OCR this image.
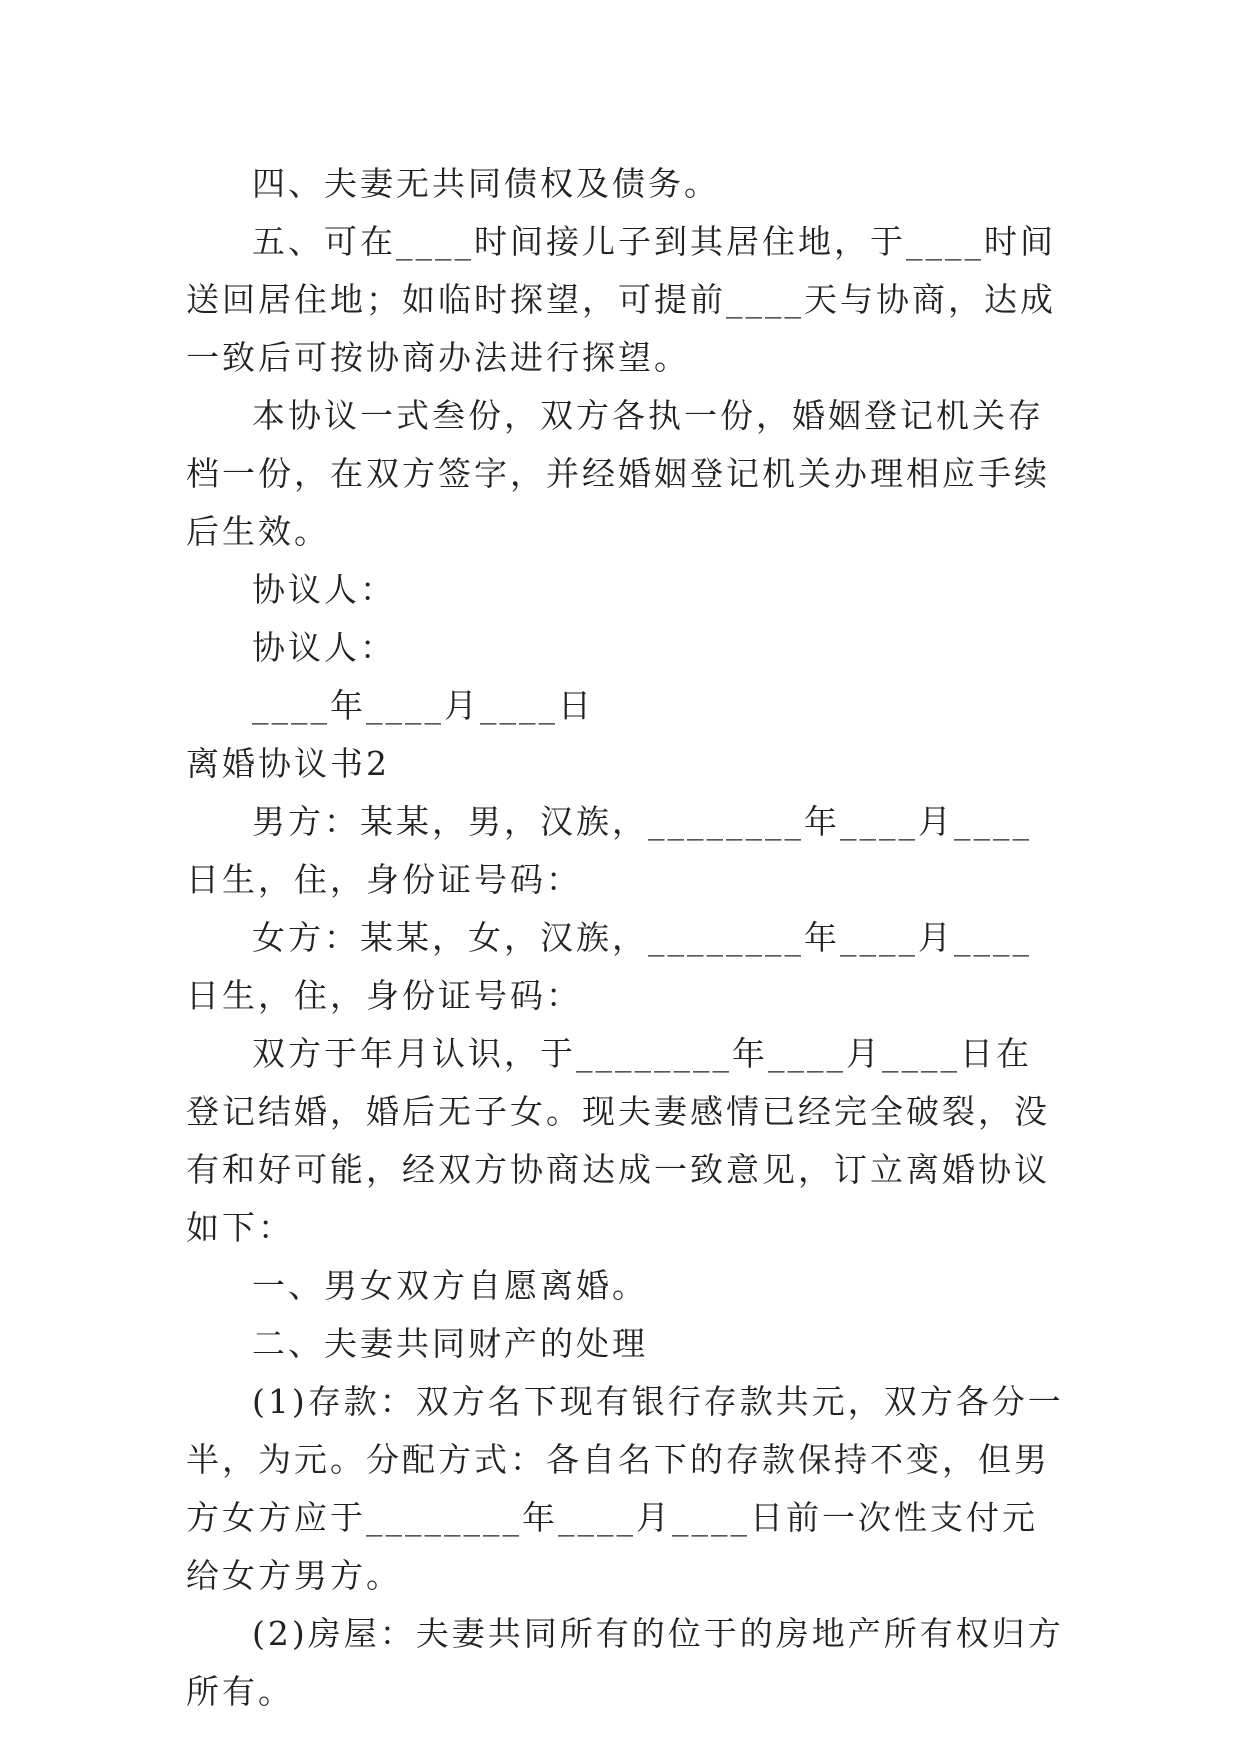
四、夫妻无共同债权及债务。

五、可在____时间接儿子到其居住地，于____时间送回居住地；如临时探望，可提前____天与协商，达成一致后可按协商办法进行探望。

本协议一式叁份，双方各执一份，婚姻登记机关存档一份，在双方签字，并经婚姻登记机关办理相应手续后生效。

协议人：

协议人：

____年____月____日

离婚协议书2

男方：某某，男，汉族，________年____月____日生，住，身份证号码：

女方：某某，女，汉族，________年____月____日生，住，身份证号码：

双方于年月认识，于________年____月____日在登记结婚，婚后无子女。现夫妻感情已经完全破裂，没有和好可能，经双方协商达成一致意见，订立离婚协议如下：

一、男女双方自愿离婚。

二、夫妻共同财产的处理

(1)存款：双方名下现有银行存款共元，双方各分一半，为元。分配方式：各自名下的存款保持不变，但男方女方应于________年____月____日前一次性支付元给女方男方。

(2)房屋：夫妻共同所有的位于的房地产所有权归方所有。
